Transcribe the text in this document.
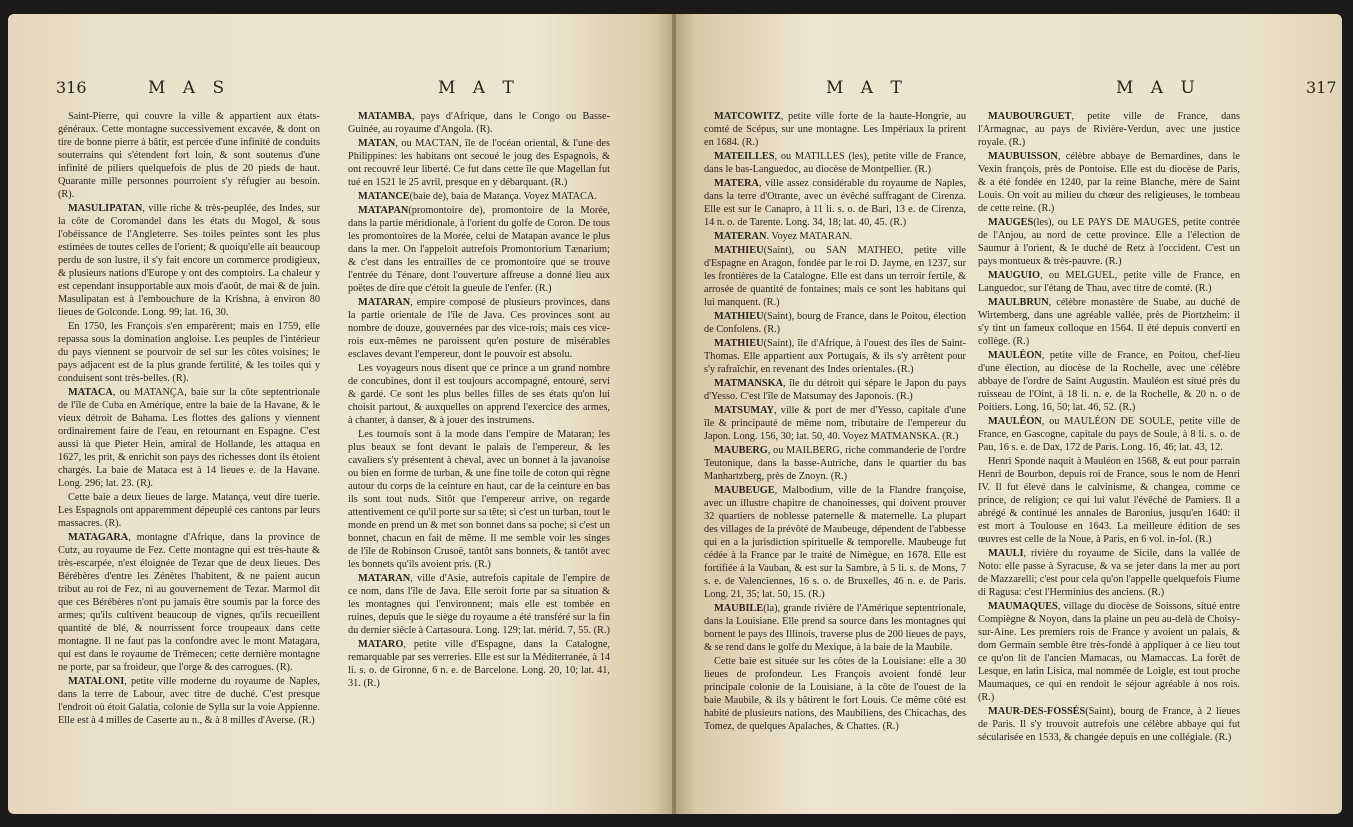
316	M A S	M A T

Saint-Pierre, qui couvre la ville & appartient aux états-généraux. Cette montagne successivement excavée, & dont on tire de bonne pierre à bâtir, est percée d'une infinité de conduits souterrains qui s'étendent fort loin, & sont soutenus d'une infinité de piliers quelquefois de plus de 20 pieds de haut. Quarante mille personnes pourroient s'y réfugier au besoin. (R).

MASULIPATAN, ville riche & très-peuplée, des Indes, sur la côte de Coromandel dans les états du Mogol, & sous l'obéissance de l'Angleterre. Ses toiles peintes sont les plus estimées de toutes celles de l'orient; & quoiqu'elle ait beaucoup perdu de son lustre, il s'y fait encore un commerce prodigieux, & plusieurs nations d'Europe y ont des comptoirs. La chaleur y est cependant insupportable aux mois d'août, de mai & de juin. Masulipatan est à l'embouchure de la Krishna, à environ 80 lieues de Golconde. Long. 99; lat. 16, 30.

En 1750, les François s'en emparèrent; mais en 1759, elle repassa sous la domination angloise. Les peuples de l'intérieur du pays viennent se pourvoir de sel sur les côtes voisines; le pays adjacent est de la plus grande fertilité, & les toiles qui y conduisent sont très-belles. (R).

MATACA, ou MATANÇA, baie sur la côte septentrionale de l'île de Cuba en Amérique, entre la baie de la Havane, & le vieux détroit de Bahama. Les flottes des galions y viennent ordinairement faire de l'eau, en retournant en Espagne. C'est aussi là que Pieter Hein, amiral de Hollande, les attaqua en 1627, les prit, & enrichit son pays des richesses dont ils étoient chargés. La baie de Mataca est à 14 lieues e. de la Havane. Long. 296; lat. 23. (R).

Cette baie a deux lieues de large. Matança, veut dire tuerie. Les Espagnols ont apparemment dépeuplé ces cantons par leurs massacres. (R).

MATAGARA, montagne d'Afrique, dans la province de Cutz, au royaume de Fez. Cette montagne qui est très-haute & très-escarpée, n'est éloignée de Tezar que de deux lieues. Des Bérébères d'entre les Zénètes l'habitent, & ne paient aucun tribut au roi de Fez, ni au gouvernement de Tezar. Marmol dit que ces Bérébères n'ont pu jamais être soumis par la force des armes; qu'ils cultivent beaucoup de vignes, qu'ils recueillent quantité de blé, & nourrissent force troupeaux dans cette montagne. Il ne faut pas la confondre avec le mont Matagara, qui est dans le royaume de Trémecen; cette dernière montagne ne porte, par sa froideur, que l'orge & des carrogues. (R).

MATALONI, petite ville moderne du royaume de Naples, dans la terre de Labour, avec titre de duché. C'est presque l'endroit où étoit Galatia, colonie de Sylla sur la voie Appienne. Elle est à 4 milles de Caserte au n., & à 8 milles d'Averse. (R.)

MATAMBA, pays d'Afrique, dans le Congo ou Basse-Guinée, au royaume d'Angola. (R).

MATAN, ou MACTAN, île de l'océan oriental, & l'une des Philippines: les habitans ont secoué le joug des Espagnols, & ont recouvré leur liberté. Ce fut dans cette île que Magellan fut tué en 1521 le 25 avril, presque en y débarquant. (R.)

MATANCE(baie de), baia de Matança. Voyez MATACA.

MATAPAN(promontoire de), promontoire de la Morée, dans la partie méridionale, à l'orient du golfe de Coron. De tous les promontoires de la Morée, celui de Matapan avance le plus dans la mer. On l'appeloit autrefois Promontorium Tænarium; & c'est dans les entrailles de ce promontoire que se trouve l'entrée du Ténare, dont l'ouverture affreuse a donné lieu aux poëtes de dire que c'étoit la gueule de l'enfer. (R.)

MATARAN, empire composé de plusieurs provinces, dans la partie orientale de l'île de Java. Ces provinces sont au nombre de douze, gouvernées par des vice-rois; mais ces vice-rois eux-mêmes ne paroissent qu'en posture de misérables esclaves devant l'empereur, dont le pouvoir est absolu.

Les voyageurs nous disent que ce prince a un grand nombre de concubines, dont il est toujours accompagné, entouré, servi & gardé. Ce sont les plus belles filles de ses états qu'on lui choisit partout, & auxquelles on apprend l'exercice des armes, à chanter, à danser, & à jouer des instrumens.

Les tournois sont à la mode dans l'empire de Mataran; les plus beaux se font devant le palais de l'empereur, & les cavaliers s'y présentent à cheval, avec un bonnet à la javanoise ou bien en forme de turban, & une fine toile de coton qui règne autour du corps de la ceinture en haut, car de la ceinture en bas ils sont tout nuds. Sitôt que l'empereur arrive, on regarde attentivement ce qu'il porte sur sa tête; si c'est un turban, tout le monde en prend un & met son bonnet dans sa poche; si c'est un bonnet, chacun en fait de même. Il me semble voir les singes de l'île de Robinson Crusoë, tantôt sans bonnets, & tantôt avec les bonnets qu'ils avoient pris. (R.)

MATARAN, ville d'Asie, autrefois capitale de l'empire de ce nom, dans l'île de Java. Elle seroit forte par sa situation & les montagnes qui l'environnent; mais elle est tombée en ruines, depuis que le siège du royaume a été transféré sur la fin du dernier siècle à Cartasoura. Long. 129; lat. mérid. 7, 55. (R.)

MATARO, petite ville d'Espagne, dans la Catalogne, remarquable par ses verreries. Elle est sur la Méditerranée, à 14 li. s. o. de Gironne, 6 n. e. de Barcelone. Long. 20, 10; lat. 41, 31. (R.)

M A T	M A U	317

MATCOWITZ, petite ville forte de la haute-Hongrie, au comté de Scépus, sur une montagne. Les Impériaux la prirent en 1684. (R.)

MATEILLES, ou MATILLES (les), petite ville de France, dans le bas-Languedoc, au diocèse de Montpellier. (R.)

MATERA, ville assez considérable du royaume de Naples, dans la terre d'Otrante, avec un évêché suffragant de Cirenza. Elle est sur le Canapro, à 11 li. s. o. de Bari, 13 e. de Cirenza, 14 n. o. de Tarente. Long. 34, 18; lat. 40, 45. (R.)

MATERAN. Voyez MATARAN.

MATHIEU(Saint), ou SAN MATHEO, petite ville d'Espagne en Aragon, fondée par le roi D. Jayme, en 1237, sur les frontières de la Catalogne. Elle est dans un terroir fertile, & arrosée de quantité de fontaines; mais ce sont les habitans qui lui manquent. (R.)

MATHIEU(Saint), bourg de France, dans le Poitou, élection de Confolens. (R.)

MATHIEU(Saint), île d'Afrique, à l'ouest des îles de Saint-Thomas. Elle appartient aux Portugais, & ils s'y arrêtent pour s'y rafraîchir, en revenant des Indes orientales. (R.)

MATMANSKA, île du détroit qui sépare le Japon du pays d'Yesso. C'est l'île de Matsumay des Japonois. (R.)

MATSUMAY, ville & port de mer d'Yesso, capitale d'une île & principauté de même nom, tributaire de l'empereur du Japon. Long. 156, 30; lat. 50, 40. Voyez MATMANSKA. (R.)

MAUBERG, ou MAILBERG, riche commanderie de l'ordre Teutonique, dans la basse-Autriche, dans le quartier du bas Manhartzberg, près de Znoyn. (R.)

MAUBEUGE, Malbodium, ville de la Flandre françoise, avec un illustre chapitre de chanoinesses, qui doivent prouver 32 quartiers de noblesse paternelle & maternelle. La plupart des villages de la prévôté de Maubeuge, dépendent de l'abbesse qui en a la jurisdiction spirituelle & temporelle. Maubeuge fut cédée à la France par le traité de Nimègue, en 1678. Elle est fortifiée à la Vauban, & est sur la Sambre, à 5 li. s. de Mons, 7 s. e. de Valenciennes, 16 s. o. de Bruxelles, 46 n. e. de Paris. Long. 21, 35; lat. 50, 15. (R.)

MAUBILE(la), grande rivière de l'Amérique septentrionale, dans la Louisiane. Elle prend sa source dans les montagnes qui bornent le pays des Illinois, traverse plus de 200 lieues de pays, & se rend dans le golfe du Mexique, à la baie de la Maubile.

Cette baie est située sur les côtes de la Louisiane: elle a 30 lieues de profondeur. Les François avoient fondé leur principale colonie de la Louisiane, à la côte de l'ouest de la baie Maubile, & ils y bâtirent le fort Louis. Ce même côté est habité de plusieurs nations, des Maubiliens, des Chicachas, des Tomez, de quelques Apalaches, & Chattes. (R.)

MAUBOURGUET, petite ville de France, dans l'Armagnac, au pays de Rivière-Verdun, avec une justice royale. (R.)

MAUBUISSON, célèbre abbaye de Bernardines, dans le Vexin françois, près de Pontoise. Elle est du diocèse de Paris, & a été fondée en 1240, par la reine Blanche, mère de Saint Louis. On voit au milieu du chœur des religieuses, le tombeau de cette reine. (R.)

MAUGES(les), ou LE PAYS DE MAUGES, petite contrée de l'Anjou, au nord de cette province. Elle a l'élection de Saumur à l'orient, & le duché de Retz à l'occident. C'est un pays montueux & très-pauvre. (R.)

MAUGUIO, ou MELGUEL, petite ville de France, en Languedoc, sur l'étang de Thau, avec titre de comté. (R.)

MAULBRUN, célèbre monastère de Suabe, au duché de Wirtemberg, dans une agréable vallée, près de Piortzheim: il s'y tint un fameux colloque en 1564. Il été depuis converti en collège. (R.)

MAULÉON, petite ville de France, en Poitou, chef-lieu d'une élection, au diocèse de la Rochelle, avec une célèbre abbaye de l'ordre de Saint Augustin. Mauléon est situé près du ruisseau de l'Oint, à 18 li. n. e. de la Rochelle, & 20 n. o de Poitiers. Long. 16, 50; lat. 46, 52. (R.)

MAULÉON, ou MAULÉON DE SOULE, petite ville de France, en Gascogne, capitale du pays de Soule, à 8 li. s. o. de Pau, 16 s. e. de Dax, 172 de Paris. Long. 16, 46; lat. 43, 12.

Henri Sponde naquit à Mauléon en 1568, & eut pour parrain Henri de Bourbon, depuis roi de France, sous le nom de Henri IV. Il fut élevé dans le calvinisme, & changea, comme ce prince, de religion; ce qui lui valut l'évêché de Pamiers. Il a abrégé & continué les annales de Baronius, jusqu'en 1640: il est mort à Toulouse en 1643. La meilleure édition de ses œuvres est celle de la Noue, à Paris, en 6 vol. in-fol. (R.)

MAULI, rivière du royaume de Sicile, dans la vallée de Noto: elle passe à Syracuse, & va se jeter dans la mer au port de Mazzarelli; c'est pour cela qu'on l'appelle quelquefois Fiume di Ragusa: c'est l'Herminius des anciens. (R.)

MAUMAQUES, village du diocèse de Soissons, situé entre Compiègne & Noyon, dans la plaine un peu au-delà de Choisy-sur-Aine. Les premiers rois de France y avoient un palais, & dom Germain semble être très-fondé à appliquer à ce lieu tout ce qu'on lit de l'ancien Mamacas, ou Mamaccas. La forêt de Lesque, en latin Lisica, mal nommée de Loigle, est tout proche Maumaques, ce qui en rendoit le séjour agréable à nos rois. (R.)

MAUR-DES-FOSSÉS(Saint), bourg de France, à 2 lieues de Paris. Il s'y trouvoit autrefois une célèbre abbaye qui fut sécularisée en 1533, & changée depuis en une collégiale. (R.)
